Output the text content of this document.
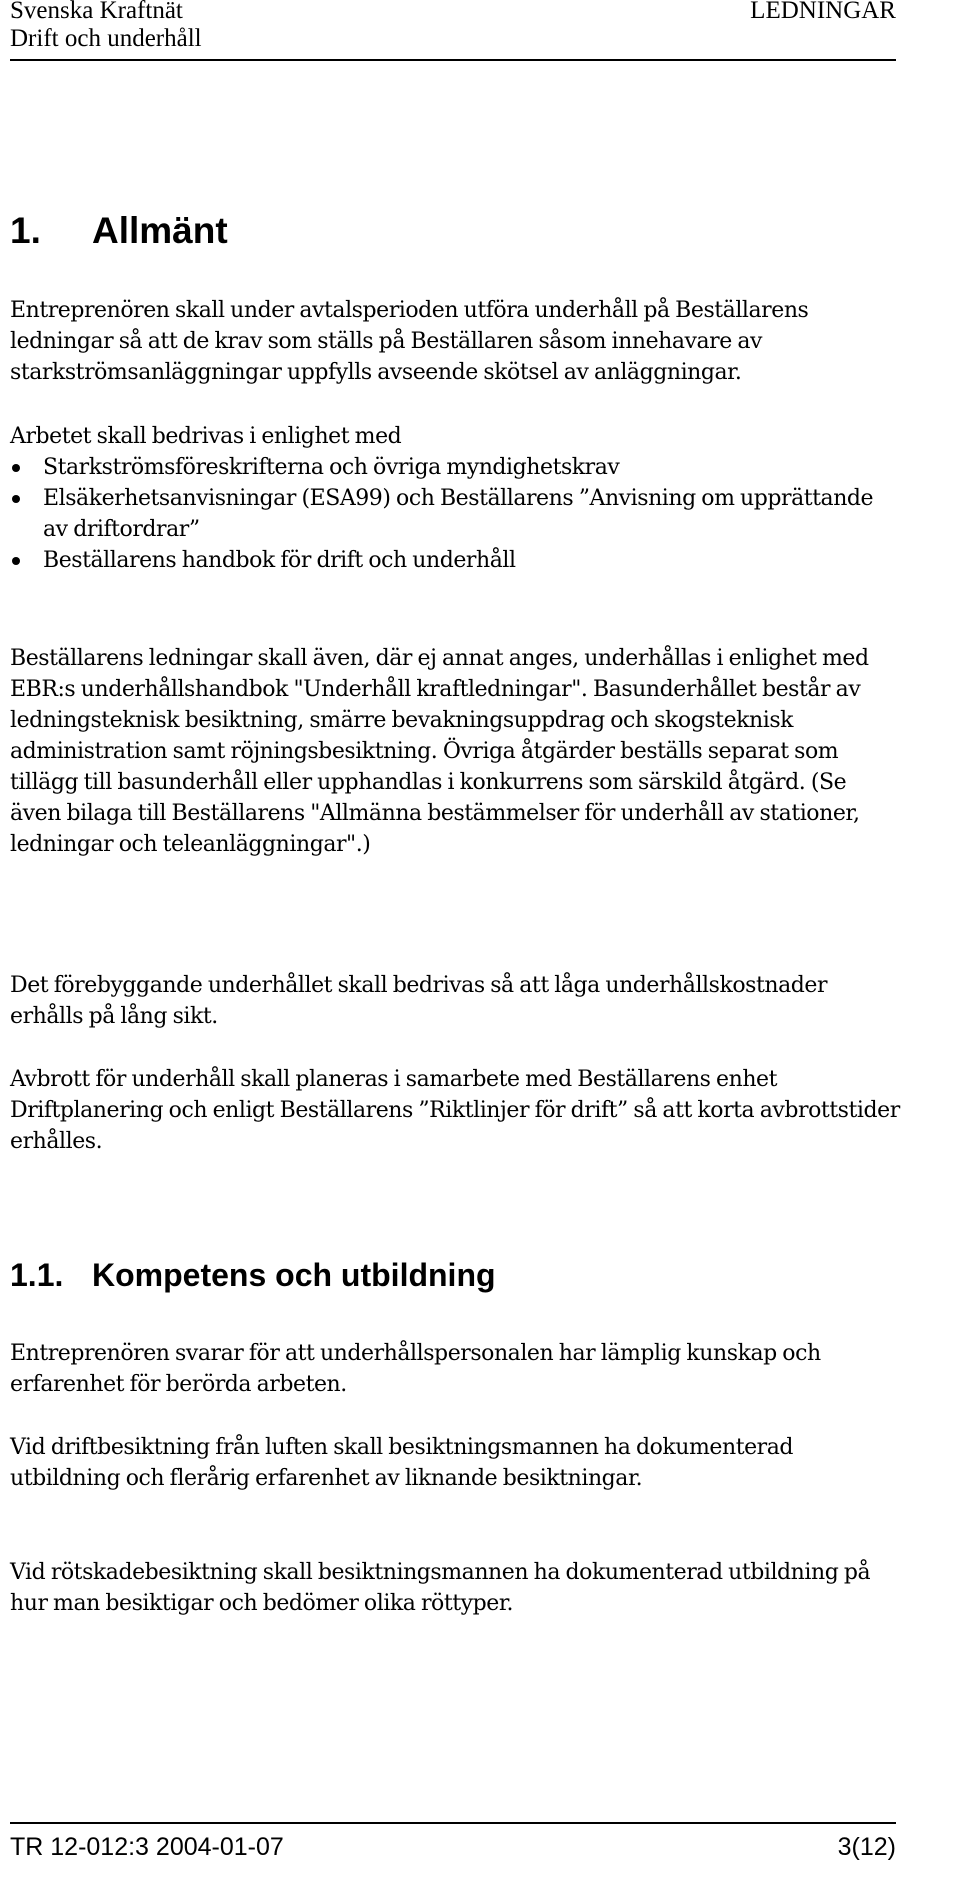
Svenska Kraftnät	LEDNINGAR
Drift och underhåll
1. Allmänt

Entreprenören skall under avtalsperioden utföra underhåll på Beställarens ledningar så att de krav som ställs på Beställaren såsom innehavare av starkströmsanläggningar uppfylls avseende skötsel av anläggningar.

Arbetet skall bedrivas i enlighet med

Starkströmsföreskrifterna och övriga myndighetskrav
Elsäkerhetsanvisningar (ESA99) och Beställarens ”Anvisning om upprättande av driftordrar”
Beställarens handbok för drift och underhåll

Beställarens ledningar skall även, där ej annat anges, underhållas i enlighet med EBR:s underhållshandbok "Underhåll kraftledningar". Basunderhållet består av ledningsteknisk besiktning, smärre bevakningsuppdrag och skogsteknisk administration samt röjningsbesiktning. Övriga åtgärder beställs separat som tillägg till basunderhåll eller upphandlas i konkurrens som särskild åtgärd. (Se även bilaga till Beställarens "Allmänna bestämmelser för underhåll av stationer, ledningar och teleanläggningar".)

Det förebyggande underhållet skall bedrivas så att låga underhållskostnader erhålls på lång sikt.

Avbrott för underhåll skall planeras i samarbete med Beställarens enhet Driftplanering och enligt Beställarens ”Riktlinjer för drift” så att korta avbrottstider erhålles.

1.1. Kompetens och utbildning

Entreprenören svarar för att underhållspersonalen har lämplig kunskap och erfarenhet för berörda arbeten.

Vid driftbesiktning från luften skall besiktningsmannen ha dokumenterad utbildning och flerårig erfarenhet av liknande besiktningar.

Vid rötskadebesiktning skall besiktningsmannen ha dokumenterad utbildning på hur man besiktigar och bedömer olika röttyper.

TR 12-012:3 2004-01-07	3(12)
